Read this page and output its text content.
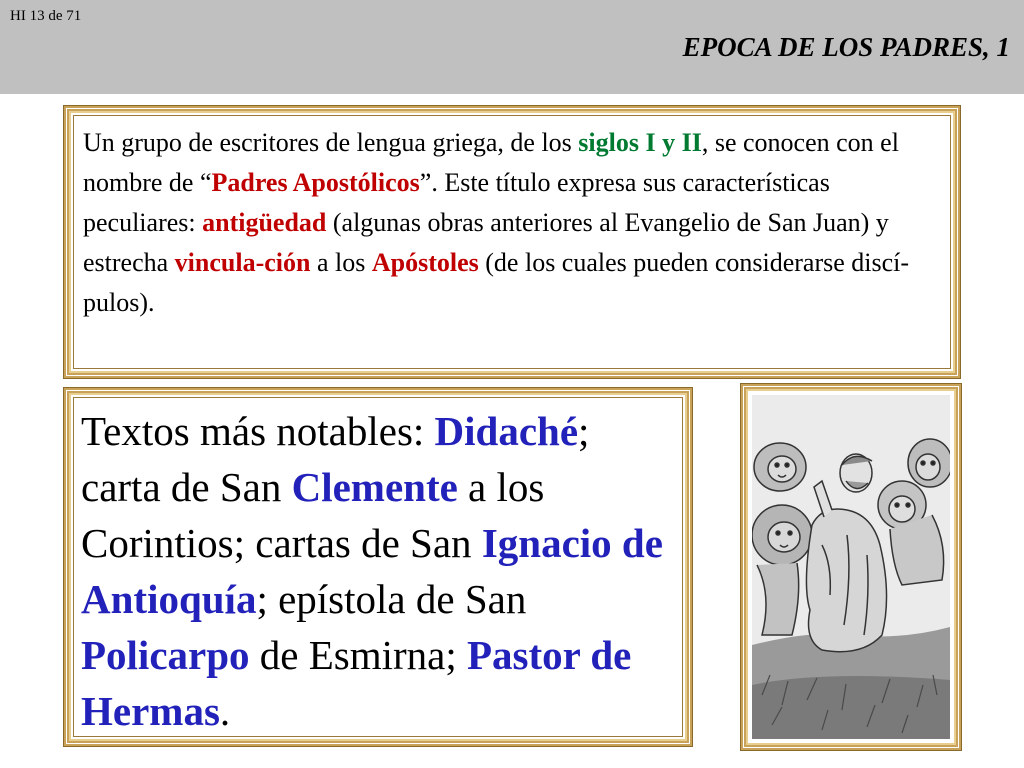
HI 13 de 71
EPOCA DE LOS PADRES, 1

Un grupo de escritores de lengua griega, de los siglos I y II, se conocen con el nombre de “Padres Apostólicos”. Este título expresa sus características peculiares: antigüedad (algunas obras anteriores al Evangelio de San Juan) y estrecha vincula-ción a los Apóstoles (de los cuales pueden considerarse discí-pulos).

Textos más notables: Didaché; carta de San Clemente a los Corintios; cartas de San Ignacio de Antioquía; epístola de San Policarpo de Esmirna; Pastor de Hermas.
